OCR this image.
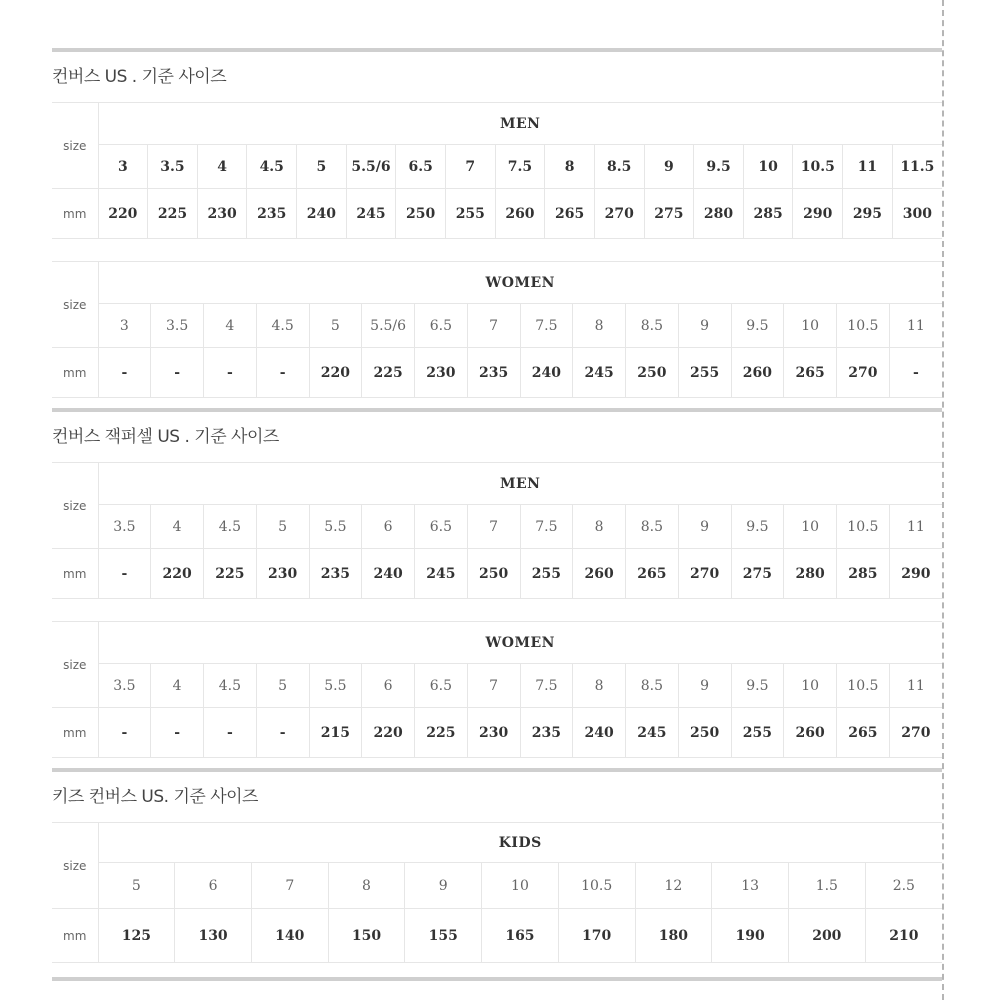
컨버스 US . 기준 사이즈
size	MEN																
	3	3.5	4	4.5	5	5.5/6	6.5	7	7.5	8	8.5	9	9.5	10	10.5	11	11.5
mm	220	225	230	235	240	245	250	255	260	265	270	275	280	285	290	295	300
size	WOMEN															
	3	3.5	4	4.5	5	5.5/6	6.5	7	7.5	8	8.5	9	9.5	10	10.5	11
mm	-	-	-	-	220	225	230	235	240	245	250	255	260	265	270	-
컨버스 잭퍼셀 US . 기준 사이즈
size	MEN															
	3.5	4	4.5	5	5.5	6	6.5	7	7.5	8	8.5	9	9.5	10	10.5	11
mm	-	220	225	230	235	240	245	250	255	260	265	270	275	280	285	290
size	WOMEN															
	3.5	4	4.5	5	5.5	6	6.5	7	7.5	8	8.5	9	9.5	10	10.5	11
mm	-	-	-	-	215	220	225	230	235	240	245	250	255	260	265	270
키즈 컨버스 US. 기준 사이즈
size	KIDS										
	5	6	7	8	9	10	10.5	12	13	1.5	2.5
mm	125	130	140	150	155	165	170	180	190	200	210
